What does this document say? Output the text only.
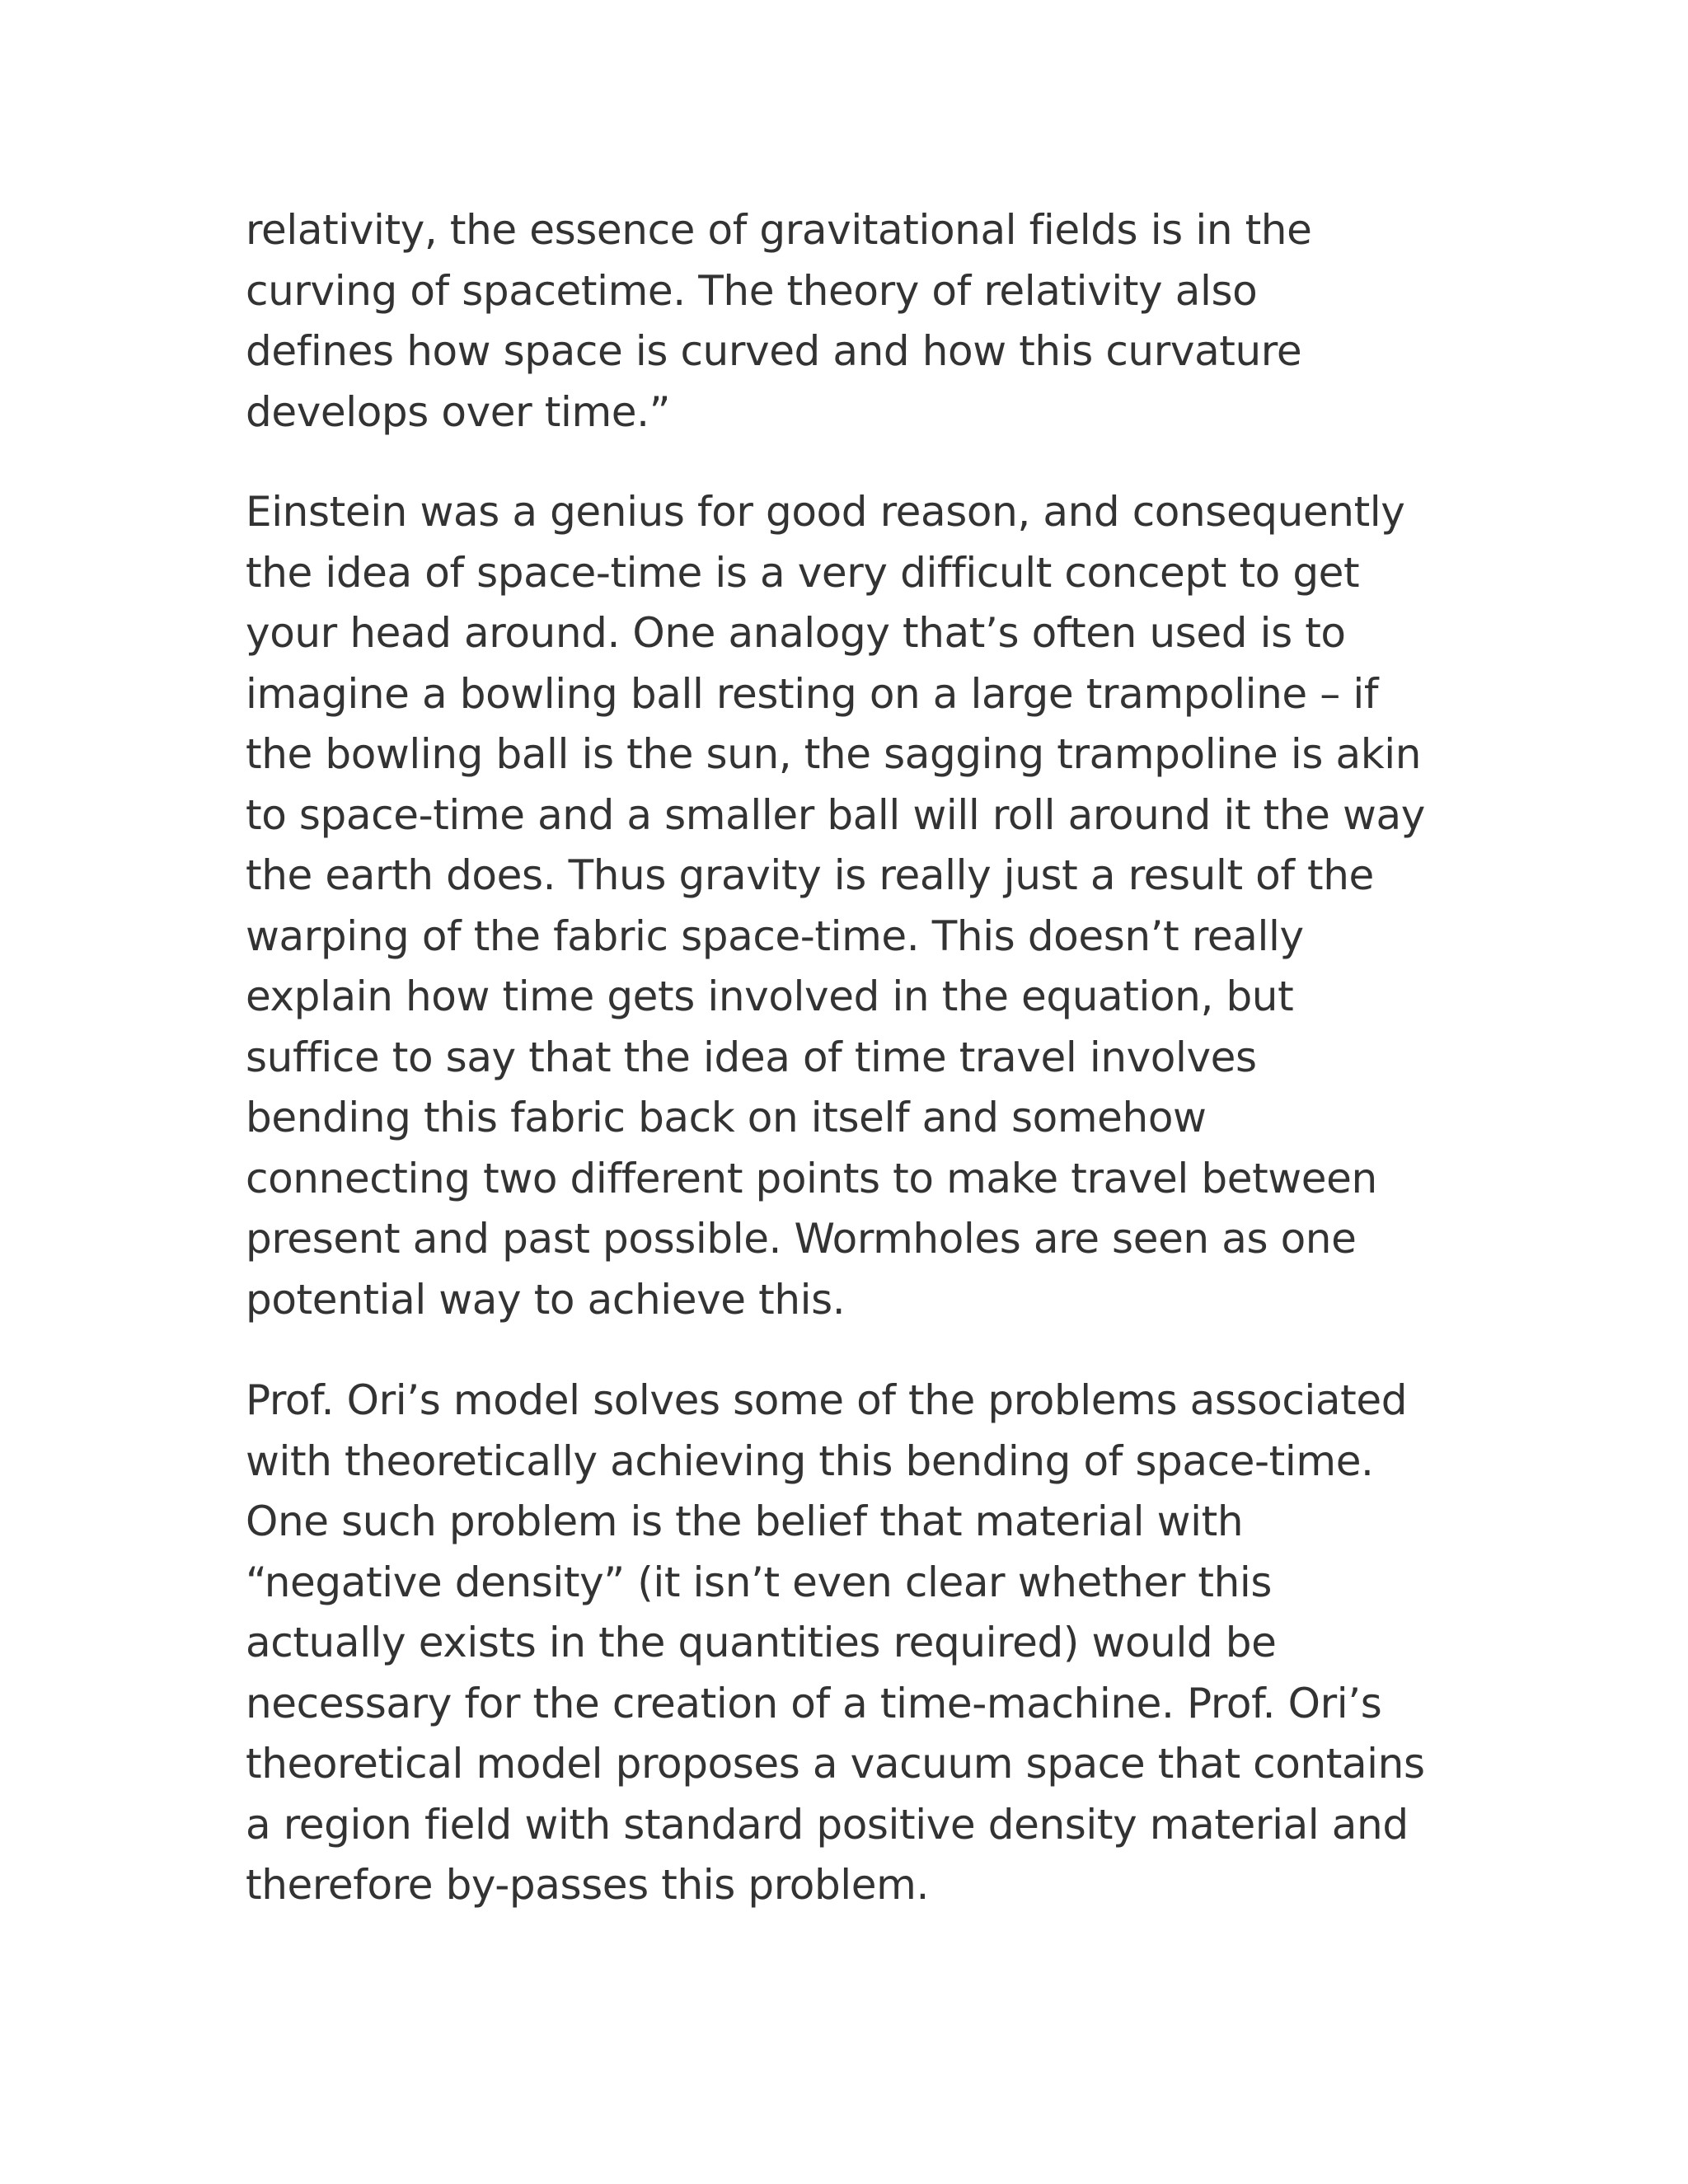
relativity, the essence of gravitational fields is in the
curving of spacetime. The theory of relativity also
defines how space is curved and how this curvature
develops over time.”

Einstein was a genius for good reason, and consequently
the idea of space-time is a very difficult concept to get
your head around. One analogy that’s often used is to
imagine a bowling ball resting on a large trampoline – if
the bowling ball is the sun, the sagging trampoline is akin
to space-time and a smaller ball will roll around it the way
the earth does. Thus gravity is really just a result of the
warping of the fabric space-time. This doesn’t really
explain how time gets involved in the equation, but
suffice to say that the idea of time travel involves
bending this fabric back on itself and somehow
connecting two different points to make travel between
present and past possible. Wormholes are seen as one
potential way to achieve this.

Prof. Ori’s model solves some of the problems associated
with theoretically achieving this bending of space-time.
One such problem is the belief that material with
“negative density” (it isn’t even clear whether this
actually exists in the quantities required) would be
necessary for the creation of a time-machine. Prof. Ori’s
theoretical model proposes a vacuum space that contains
a region field with standard positive density material and
therefore by-passes this problem.
